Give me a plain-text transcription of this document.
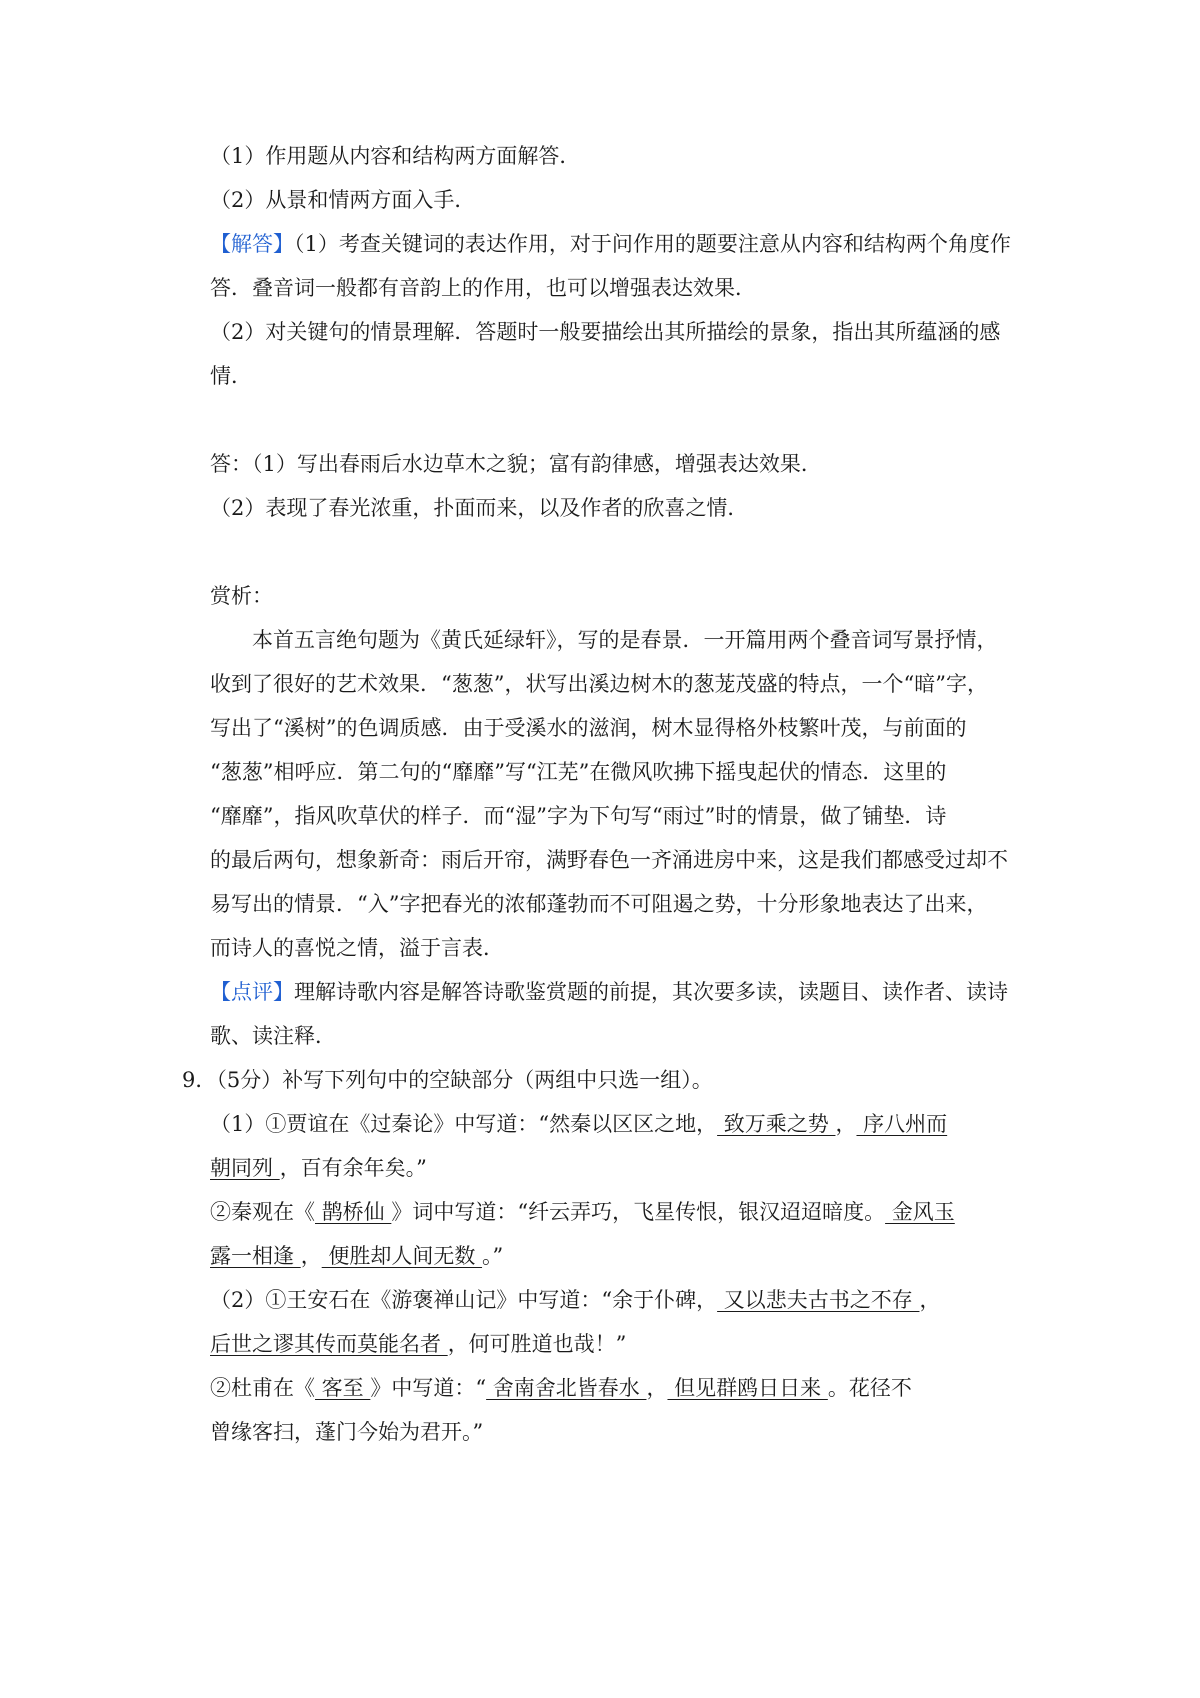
（1）作用题从内容和结构两方面解答．
（2）从景和情两方面入手．
【解答】（1）考查关键词的表达作用，对于问作用的题要注意从内容和结构两个角度作
答．叠音词一般都有音韵上的作用，也可以增强表达效果．
（2）对关键句的情景理解．答题时一般要描绘出其所描绘的景象，指出其所蕴涵的感
情．
答：（1）写出春雨后水边草木之貌；富有韵律感，增强表达效果．
（2）表现了春光浓重，扑面而来，以及作者的欣喜之情．
赏析：
本首五言绝句题为《黄氏延绿轩》，写的是春景．一开篇用两个叠音词写景抒情，
收到了很好的艺术效果．“葱葱”，状写出溪边树木的葱茏茂盛的特点，一个“暗”字，
写出了“溪树”的色调质感．由于受溪水的滋润，树木显得格外枝繁叶茂，与前面的
“葱葱”相呼应．第二句的“靡靡”写“江芜”在微风吹拂下摇曳起伏的情态．这里的
“靡靡”，指风吹草伏的样子．而“湿”字为下句写“雨过”时的情景，做了铺垫．诗
的最后两句，想象新奇：雨后开帘，满野春色一齐涌进房中来，这是我们都感受过却不
易写出的情景．“入”字把春光的浓郁蓬勃而不可阻遏之势，十分形象地表达了出来，
而诗人的喜悦之情，溢于言表．
【点评】理解诗歌内容是解答诗歌鉴赏题的前提，其次要多读，读题目、读作者、读诗
歌、读注释．
9．（5分）补写下列句中的空缺部分（两组中只选一组）。
（1）①贾谊在《过秦论》中写道：“然秦以区区之地， 致万乘之势 ， 序八州而
朝同列 ，百有余年矣。”
②秦观在《 鹊桥仙 》词中写道：“纤云弄巧，飞星传恨，银汉迢迢暗度。 金风玉
露一相逢 ， 便胜却人间无数 。”
（2）①王安石在《游褒禅山记》中写道：“余于仆碑， 又以悲夫古书之不存 ，
后世之谬其传而莫能名者 ，何可胜道也哉！”
②杜甫在《 客至 》中写道：“ 舍南舍北皆春水 ， 但见群鸥日日来 。花径不
曾缘客扫，蓬门今始为君开。”
